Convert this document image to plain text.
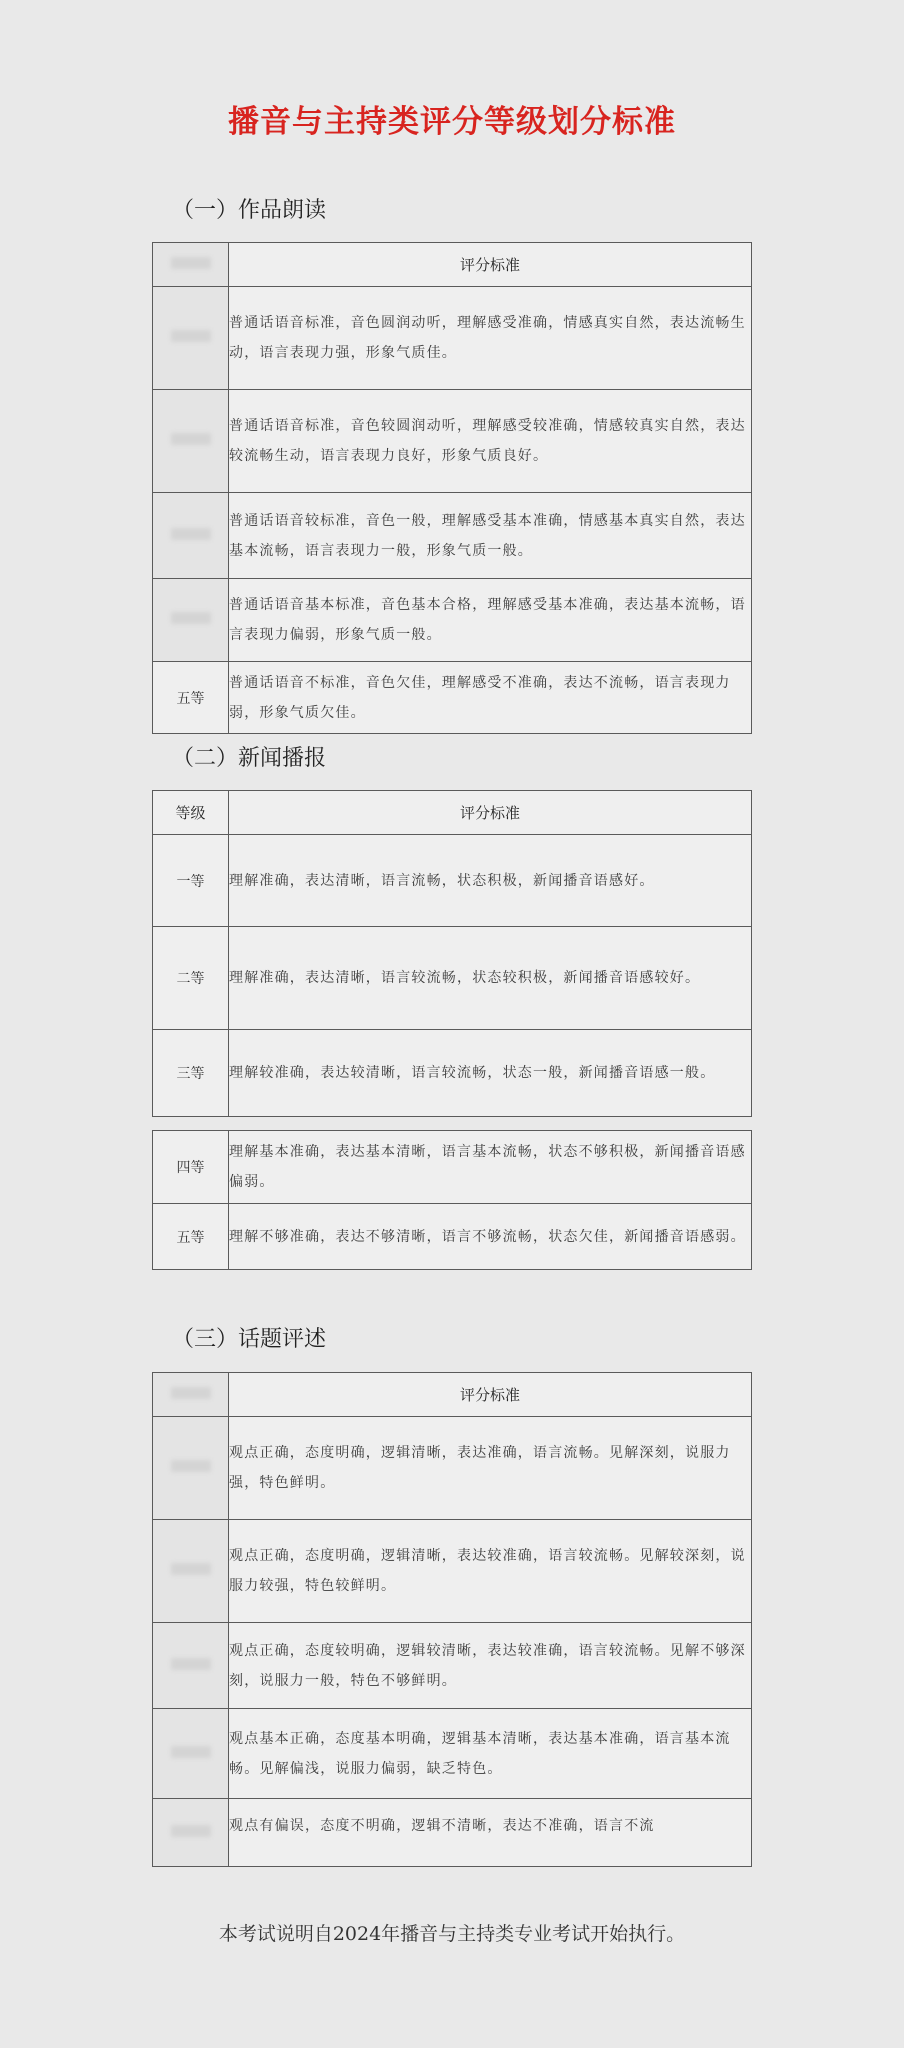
播音与主持类评分等级划分标准
（一）作品朗读
	评分标准
	普通话语音标准，音色圆润动听，理解感受准确，情感真实自然，表达流畅生动，语言表现力强，形象气质佳。
	普通话语音标准，音色较圆润动听，理解感受较准确，情感较真实自然，表达较流畅生动，语言表现力良好，形象气质良好。
	普通话语音较标准，音色一般，理解感受基本准确，情感基本真实自然，表达基本流畅，语言表现力一般，形象气质一般。
	普通话语音基本标准，音色基本合格，理解感受基本准确，表达基本流畅，语言表现力偏弱，形象气质一般。
五等	普通话语音不标准，音色欠佳，理解感受不准确，表达不流畅，语言表现力弱，形象气质欠佳。
（二）新闻播报
等级	评分标准
一等	理解准确，表达清晰，语言流畅，状态积极，新闻播音语感好。
二等	理解准确，表达清晰，语言较流畅，状态较积极，新闻播音语感较好。
三等	理解较准确，表达较清晰，语言较流畅，状态一般，新闻播音语感一般。
四等	理解基本准确，表达基本清晰，语言基本流畅，状态不够积极，新闻播音语感偏弱。
五等	理解不够准确，表达不够清晰，语言不够流畅，状态欠佳，新闻播音语感弱。
（三）话题评述
	评分标准
	观点正确，态度明确，逻辑清晰，表达准确，语言流畅。见解深刻，说服力强，特色鲜明。
	观点正确，态度明确，逻辑清晰，表达较准确，语言较流畅。见解较深刻，说服力较强，特色较鲜明。
	观点正确，态度较明确，逻辑较清晰，表达较准确，语言较流畅。见解不够深刻，说服力一般，特色不够鲜明。
	观点基本正确，态度基本明确，逻辑基本清晰，表达基本准确，语言基本流畅。见解偏浅，说服力偏弱，缺乏特色。
	观点有偏误，态度不明确，逻辑不清晰，表达不准确，语言不流
本考试说明自2024年播音与主持类专业考试开始执行。
